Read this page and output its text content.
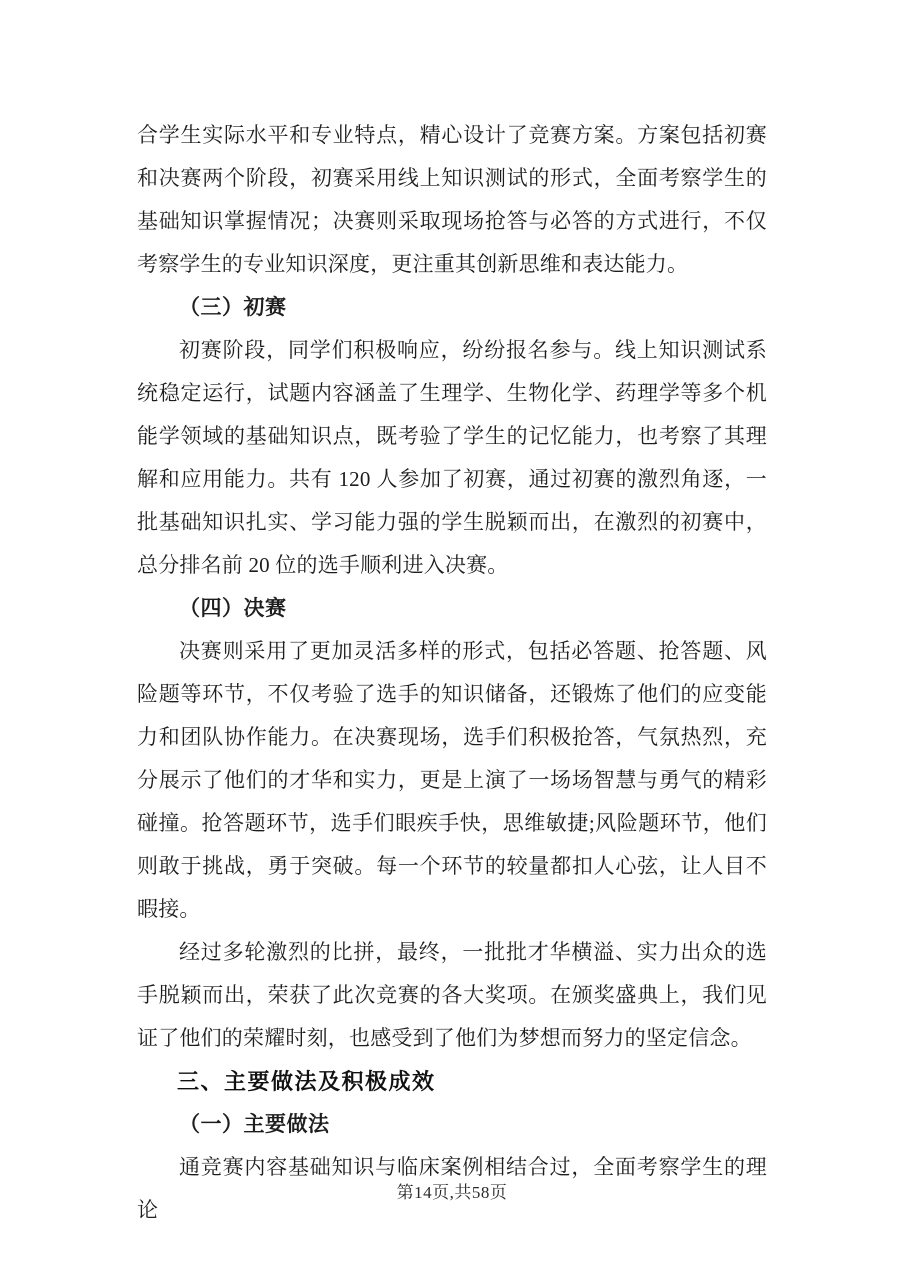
合学生实际水平和专业特点，精心设计了竞赛方案。方案包括初赛和决赛两个阶段，初赛采用线上知识测试的形式，全面考察学生的基础知识掌握情况；决赛则采取现场抢答与必答的方式进行，不仅考察学生的专业知识深度，更注重其创新思维和表达能力。

（三）初赛

初赛阶段，同学们积极响应，纷纷报名参与。线上知识测试系统稳定运行，试题内容涵盖了生理学、生物化学、药理学等多个机能学领域的基础知识点，既考验了学生的记忆能力，也考察了其理解和应用能力。共有 120 人参加了初赛，通过初赛的激烈角逐，一批基础知识扎实、学习能力强的学生脱颖而出，在激烈的初赛中，总分排名前 20 位的选手顺利进入决赛。

（四）决赛

决赛则采用了更加灵活多样的形式，包括必答题、抢答题、风险题等环节，不仅考验了选手的知识储备，还锻炼了他们的应变能力和团队协作能力。在决赛现场，选手们积极抢答，气氛热烈，充分展示了他们的才华和实力，更是上演了一场场智慧与勇气的精彩碰撞。抢答题环节，选手们眼疾手快，思维敏捷;风险题环节，他们则敢于挑战，勇于突破。每一个环节的较量都扣人心弦，让人目不暇接。

经过多轮激烈的比拼，最终，一批批才华横溢、实力出众的选手脱颖而出，荣获了此次竞赛的各大奖项。在颁奖盛典上，我们见证了他们的荣耀时刻，也感受到了他们为梦想而努力的坚定信念。

三、主要做法及积极成效

（一）主要做法

通竞赛内容基础知识与临床案例相结合过，全面考察学生的理论

第14页,共58页
